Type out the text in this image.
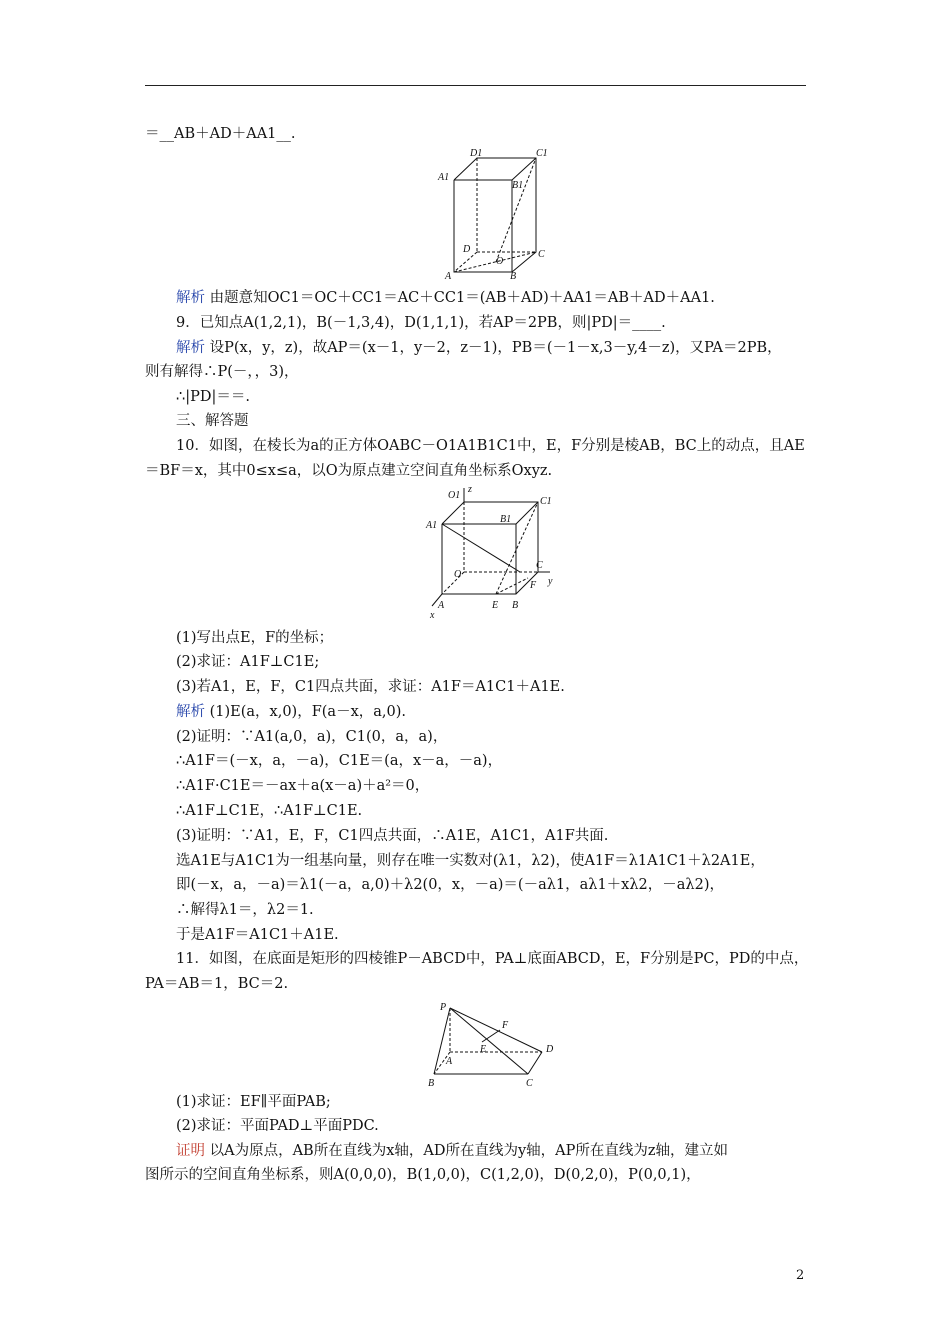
＝__AB＋AD＋AA1__.
D1	C1
A1
B1
D
O
C
A	B
解析 由题意知OC1＝OC＋CC1＝AC＋CC1＝(AB＋AD)＋AA1＝AB＋AD＋AA1.
9．已知点A(1,2,1)，B(－1,3,4)，D(1,1,1)，若AP＝2PB，则|PD|＝____.
解析 设P(x，y，z)，故AP＝(x－1，y－2，z－1)，PB＝(－1－x,3－y,4－z)，又PA＝2PB，
则有解得∴P(－，，3)，
∴|PD|＝＝.
三、解答题
10．如图，在棱长为a的正方体OABC－O1A1B1C1中，E，F分别是棱AB，BC上的动点，且AE
＝BF＝x，其中0≤x≤a，以O为原点建立空间直角坐标系Oxyz.
O1
z
C1
A1
B1
O
C
F y
A	E B
x
(1)写出点E，F的坐标；
(2)求证：A1F⊥C1E;
(3)若A1，E，F，C1四点共面，求证：A1F＝A1C1＋A1E.
解析 (1)E(a，x,0)，F(a－x，a,0).
(2)证明：∵A1(a,0，a)，C1(0，a，a)，
∴A1F＝(－x，a，－a)，C1E＝(a，x－a，－a)，
∴A1F·C1E＝－ax＋a(x－a)＋a²＝0，
∴A1F⊥C1E，∴A1F⊥C1E.
(3)证明：∵A1，E，F，C1四点共面，∴A1E，A1C1，A1F共面.
选A1E与A1C1为一组基向量，则存在唯一实数对(λ1，λ2)，使A1F＝λ1A1C1＋λ2A1E，
即(－x，a，－a)＝λ1(－a，a,0)＋λ2(0，x，－a)＝(－aλ1，aλ1＋xλ2，－aλ2)，
∴解得λ1＝，λ2＝1.
于是A1F＝A1C1＋A1E.
11．如图，在底面是矩形的四棱锥P－ABCD中，PA⊥底面ABCD，E，F分别是PC，PD的中点，
PA＝AB＝1，BC＝2.
P
F
E	D
A
B	C
(1)求证：EF∥平面PAB;
(2)求证：平面PAD⊥平面PDC.
证明 以A为原点，AB所在直线为x轴，AD所在直线为y轴，AP所在直线为z轴，建立如
图所示的空间直角坐标系，则A(0,0,0)，B(1,0,0)，C(1,2,0)，D(0,2,0)，P(0,0,1)，
2
